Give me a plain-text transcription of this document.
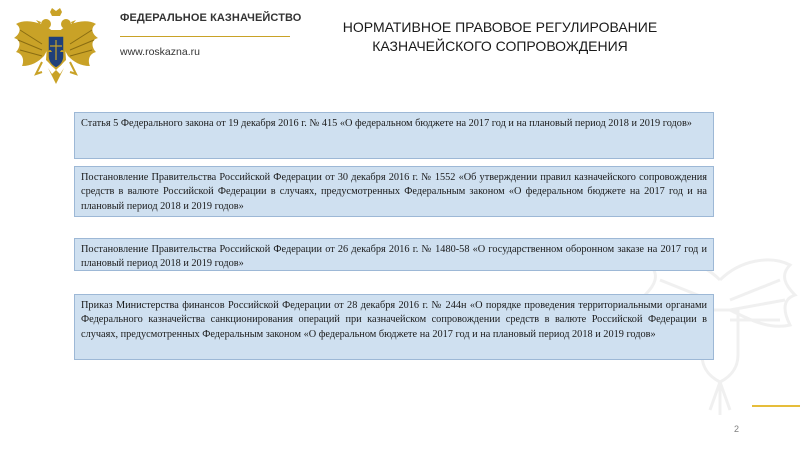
ФЕДЕРАЛЬНОЕ КАЗНАЧЕЙСТВО
www.roskazna.ru
НОРМАТИВНОЕ ПРАВОВОЕ РЕГУЛИРОВАНИЕ КАЗНАЧЕЙСКОГО СОПРОВОЖДЕНИЯ
Статья 5 Федерального закона от 19 декабря 2016 г. № 415 «О федеральном бюджете на 2017 год и на плановый период 2018 и 2019 годов»
Постановление Правительства Российской Федерации от 30 декабря 2016 г. № 1552 «Об утверждении правил казначейского сопровождения средств в валюте Российской Федерации в случаях, предусмотренных Федеральным законом «О федеральном бюджете на 2017 год и на плановый период 2018 и 2019 годов»
Постановление Правительства Российской Федерации от 26 декабря 2016 г. № 1480-58 «О государственном оборонном заказе на 2017 год и плановый период 2018 и 2019 годов»
Приказ Министерства финансов Российской Федерации от 28 декабря 2016 г. № 244н «О порядке проведения территориальными органами Федерального казначейства санкционирования операций при казначейском сопровождении средств в валюте Российской Федерации в случаях, предусмотренных Федеральным законом «О федеральном бюджете на 2017 год и на плановый период 2018 и 2019 годов»
2
